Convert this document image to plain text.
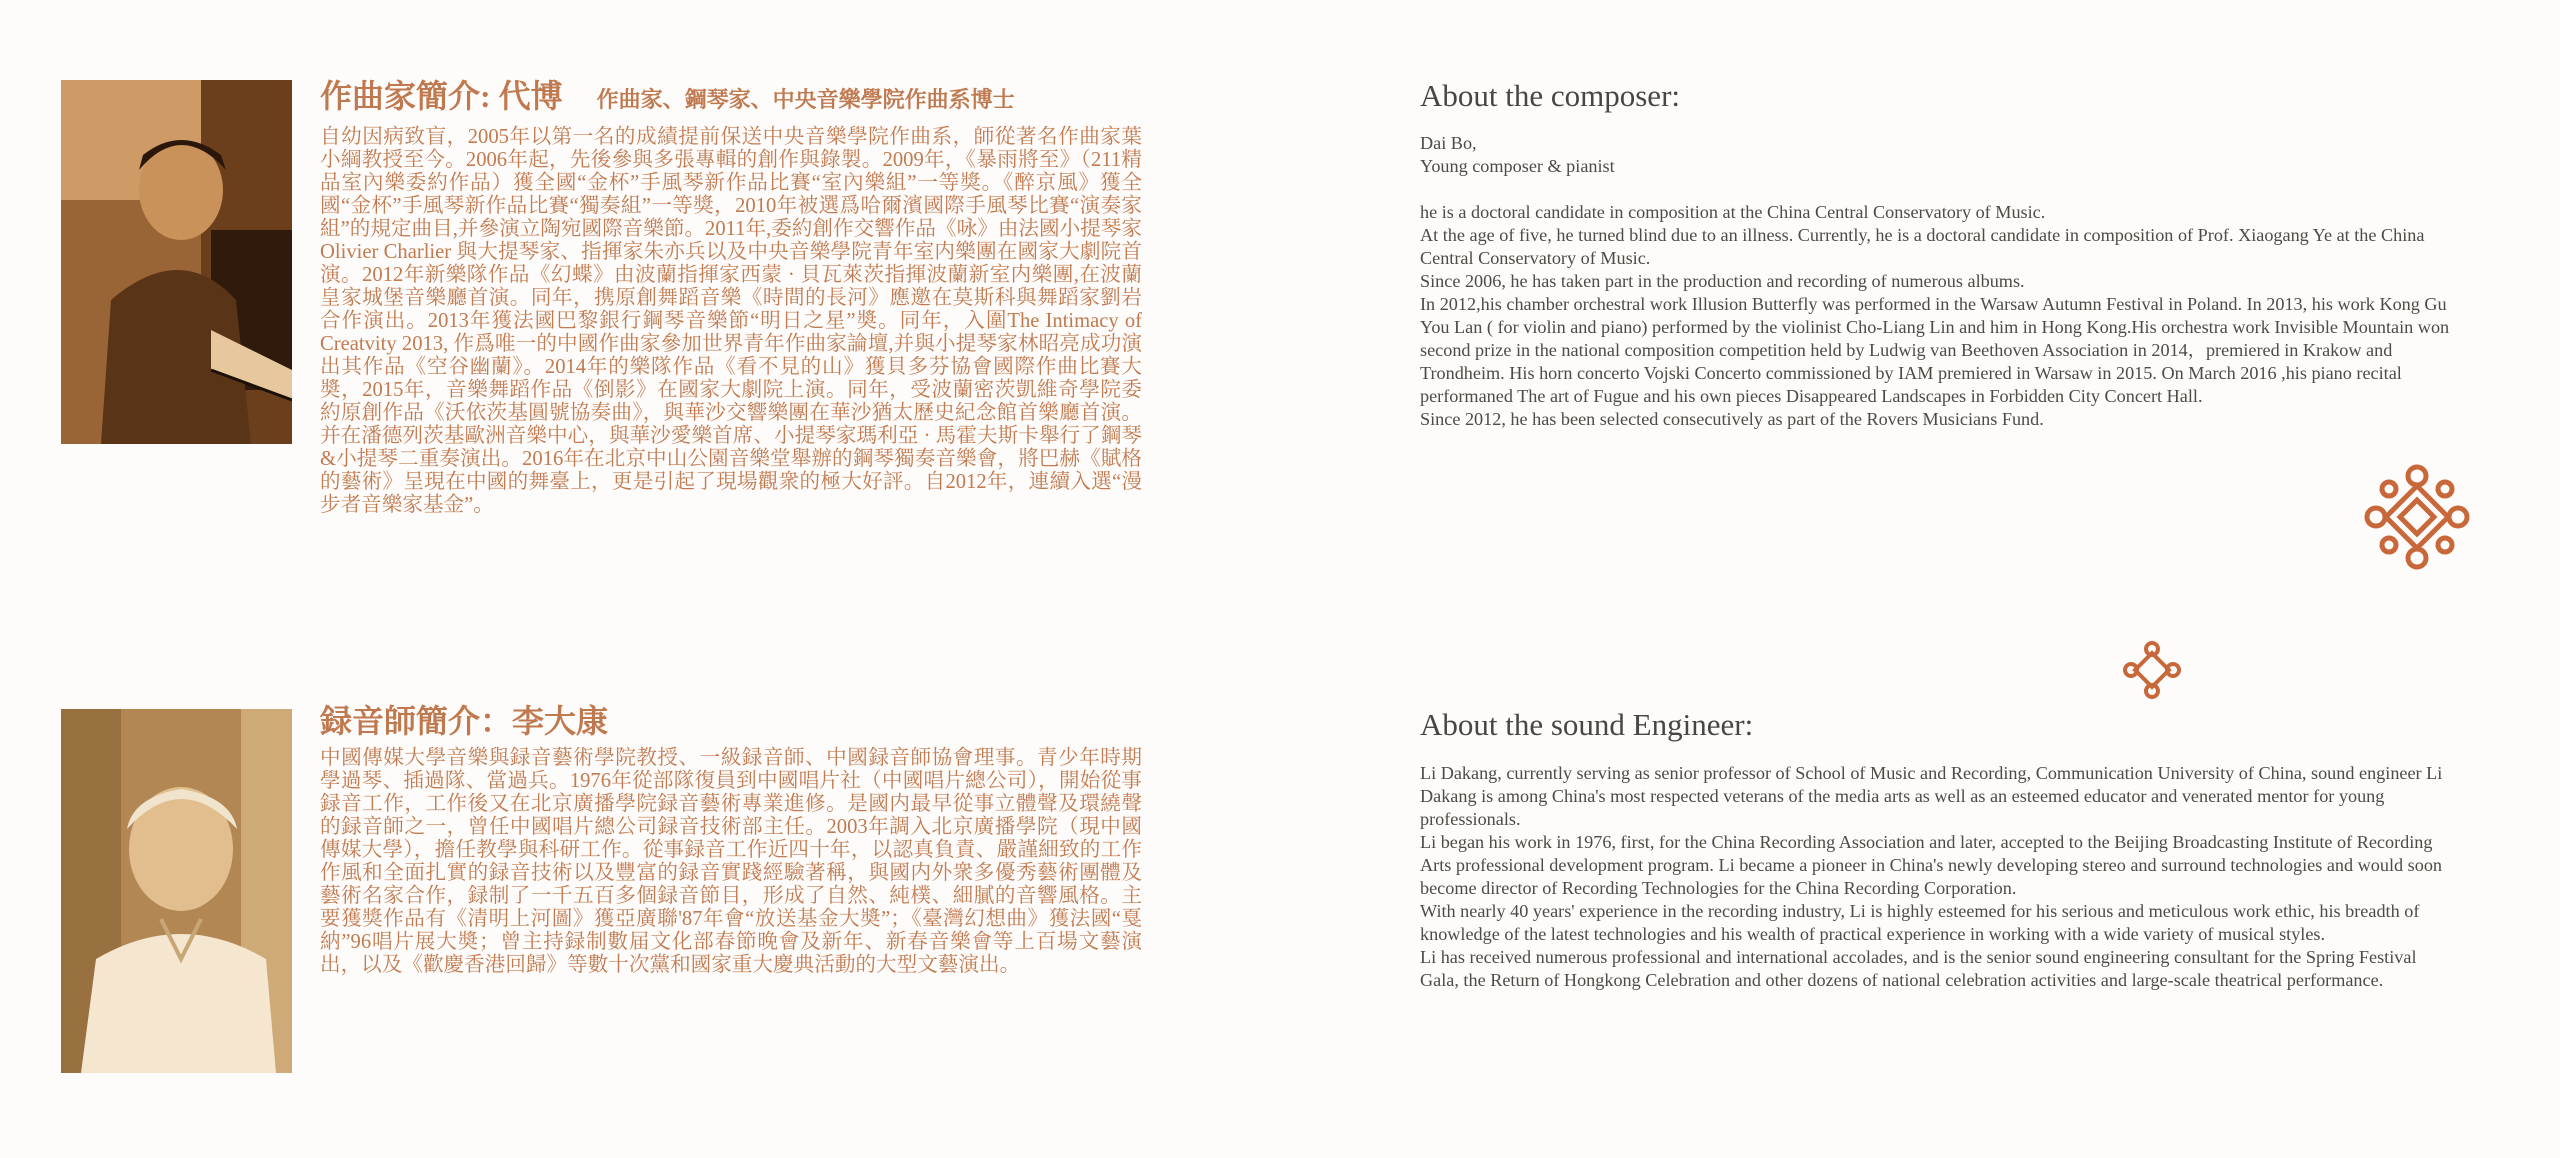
作曲家簡介: 代博 作曲家、鋼琴家、中央音樂學院作曲系博士

自幼因病致盲，2005年以第一名的成績提前保送中央音樂學院作曲系，師從著名作曲家葉小綱教授至今。2006年起，先後參與多張專輯的創作與錄製。2009年，《暴雨將至》（211精品室內樂委約作品）獲全國“金杯”手風琴新作品比賽“室內樂組”一等獎。《醉京風》獲全國“金杯”手風琴新作品比賽“獨奏組”一等獎，2010年被選爲哈爾濱國際手風琴比賽“演奏家組”的規定曲目,并參演立陶宛國際音樂節。2011年,委約創作交響作品《咏》由法國小提琴家Olivier Charlier 與大提琴家、指揮家朱亦兵以及中央音樂學院青年室内樂團在國家大劇院首演。2012年新樂隊作品《幻蝶》由波蘭指揮家西蒙 · 貝瓦萊茨指揮波蘭新室内樂團,在波蘭皇家城堡音樂廳首演。同年，携原創舞蹈音樂《時間的長河》應邀在莫斯科與舞蹈家劉岩合作演出。2013年獲法國巴黎銀行鋼琴音樂節“明日之星”奬。同年，入圍The Intimacy of Creatvity 2013, 作爲唯一的中國作曲家參加世界青年作曲家論壇,并與小提琴家林昭亮成功演出其作品《空谷幽蘭》。2014年的樂隊作品《看不見的山》獲貝多芬協會國際作曲比賽大奬，2015年，音樂舞蹈作品《倒影》在國家大劇院上演。同年，受波蘭密茨凱維奇學院委約原創作品《沃依茨基圓號協奏曲》，與華沙交響樂團在華沙猶太歷史紀念館首樂廳首演。并在潘德列茨基歐洲音樂中心，與華沙愛樂首席、小提琴家瑪利亞 · 馬霍夫斯卡舉行了鋼琴&小提琴二重奏演出。2016年在北京中山公園音樂堂舉辦的鋼琴獨奏音樂會，將巴赫《賦格的藝術》呈現在中國的舞臺上，更是引起了現場觀衆的極大好評。自2012年，連續入選“漫步者音樂家基金”。

録音師簡介：李大康

中國傳媒大學音樂與録音藝術學院教授、一級録音師、中國録音師協會理事。青少年時期學過琴、插過隊、當過兵。1976年從部隊復員到中國唱片社（中國唱片總公司），開始從事録音工作，工作後又在北京廣播學院録音藝術專業進修。是國内最早從事立體聲及環繞聲的録音師之一，曾任中國唱片總公司録音技術部主任。2003年調入北京廣播學院（現中國傳媒大學），擔任教學與科研工作。從事録音工作近四十年，以認真負責、嚴謹細致的工作作風和全面扎實的録音技術以及豐富的録音實踐經驗著稱，與國内外衆多優秀藝術團體及藝術名家合作，録制了一千五百多個録音節目，形成了自然、純樸、細膩的音響風格。主要獲獎作品有《清明上河圖》獲亞廣聯'87年會“放送基金大奬”；《臺灣幻想曲》獲法國“戛納”96唱片展大奬；曾主持録制數届文化部春節晚會及新年、新春音樂會等上百場文藝演出，以及《歡慶香港回歸》等數十次黨和國家重大慶典活動的大型文藝演出。

About the composer:

Dai Bo,

Young composer & pianist

he is a doctoral candidate in composition at the China Central Conservatory of Music.

At the age of five, he turned blind due to an illness. Currently, he is a doctoral candidate in composition of Prof. Xiaogang Ye at the China Central Conservatory of Music.

Since 2006, he has taken part in the production and recording of numerous albums.

In 2012,his chamber orchestral work Illusion Butterfly was performed in the Warsaw Autumn Festival in Poland. In 2013, his work Kong Gu You Lan ( for violin and piano) performed by the violinist Cho-Liang Lin and him in Hong Kong.His orchestra work Invisible Mountain won second prize in the national composition competition held by Ludwig van Beethoven Association in 2014，premiered in Krakow and Trondheim. His horn concerto Vojski Concerto commissioned by IAM premiered in Warsaw in 2015. On March 2016 ,his piano recital performaned The art of Fugue and his own pieces Disappeared Landscapes in Forbidden City Concert Hall.

Since 2012, he has been selected consecutively as part of the Rovers Musicians Fund.

About the sound Engineer:

Li Dakang, currently serving as senior professor of School of Music and Recording, Communication University of China, sound engineer Li Dakang is among China's most respected veterans of the media arts as well as an esteemed educator and venerated mentor for young professionals.

Li began his work in 1976, first, for the China Recording Association and later, accepted to the Beijing Broadcasting Institute of Recording Arts professional development program. Li became a pioneer in China's newly developing stereo and surround technologies and would soon become director of Recording Technologies for the China Recording Corporation.

With nearly 40 years' experience in the recording industry, Li is highly esteemed for his serious and meticulous work ethic, his breadth of knowledge of the latest technologies and his wealth of practical experience in working with a wide variety of musical styles.

Li has received numerous professional and international accolades, and is the senior sound engineering consultant for the Spring Festival Gala, the Return of Hongkong Celebration and other dozens of national celebration activities and large-scale theatrical performance.
